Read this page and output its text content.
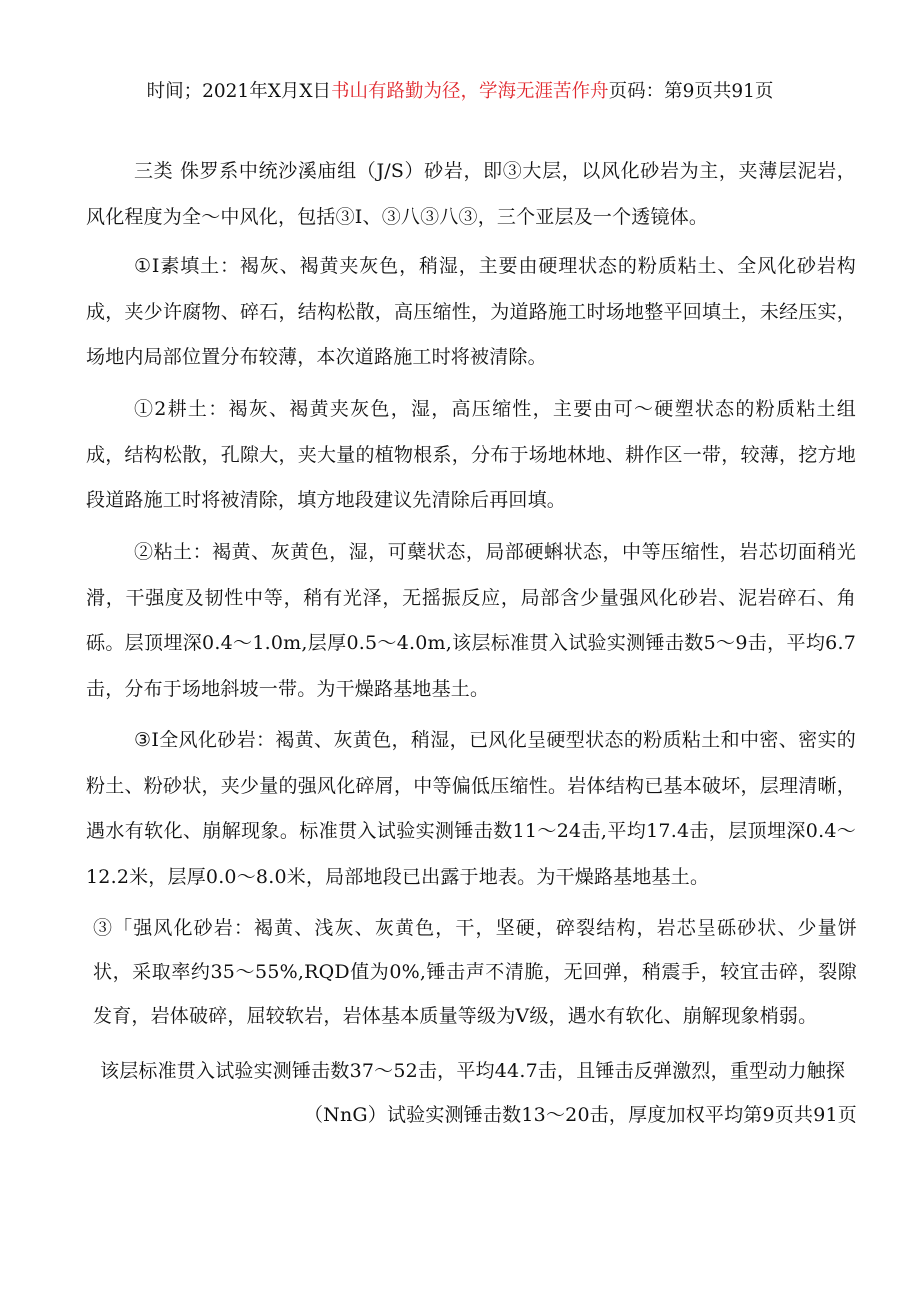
时间；2021年X月X日书山有路勤为径，学海无涯苦作舟页码：第9页共91页

三类 侏罗系中统沙溪庙组（J/S）砂岩，即③大层，以风化砂岩为主，夹薄层泥岩，风化程度为全～中风化，包括③I、③八③八③，三个亚层及一个透镜体。

①I素填土：褐灰、褐黄夹灰色，稍湿，主要由硬理状态的粉质粘土、全风化砂岩构成，夹少许腐物、碎石，结构松散，高压缩性，为道路施工时场地整平回填土，未经压实，场地内局部位置分布较薄，本次道路施工时将被清除。

①2耕土：褐灰、褐黄夹灰色，湿，高压缩性，主要由可～硬塑状态的粉质粘土组成，结构松散，孔隙大，夹大量的植物根系，分布于场地林地、耕作区一带，较薄，挖方地段道路施工时将被清除，填方地段建议先清除后再回填。

②粘土：褐黄、灰黄色，湿，可蘖状态，局部硬蝌状态，中等压缩性，岩芯切面稍光滑，干强度及韧性中等，稍有光泽，无摇振反应，局部含少量强风化砂岩、泥岩碎石、角砾。层顶埋深0.4～1.0m,层厚0.5～4.0m,该层标准贯入试验实测锤击数5～9击，平均6.7击，分布于场地斜坡一带。为干燥路基地基土。

③I全风化砂岩：褐黄、灰黄色，稍湿，已风化呈硬型状态的粉质粘土和中密、密实的粉土、粉砂状，夹少量的强风化碎屑，中等偏低压缩性。岩体结构已基本破坏，层理清晰，遇水有软化、崩解现象。标准贯入试验实测锤击数11～24击,平均17.4击，层顶埋深0.4～12.2米，层厚0.0～8.0米，局部地段已出露于地表。为干燥路基地基土。

③「强风化砂岩：褐黄、浅灰、灰黄色，干，坚硬，碎裂结构，岩芯呈砾砂状、少量饼状，采取率约35～55%,RQD值为0%,锤击声不清脆，无回弹，稍震手，较宜击碎，裂隙发育，岩体破碎，屈较软岩，岩体基本质量等级为V级，遇水有软化、崩解现象梢弱。

该层标准贯入试验实测锤击数37～52击，平均44.7击，且锤击反弹激烈，重型动力触探
（NnG）试验实测锤击数13～20击，厚度加权平均第9页共91页
